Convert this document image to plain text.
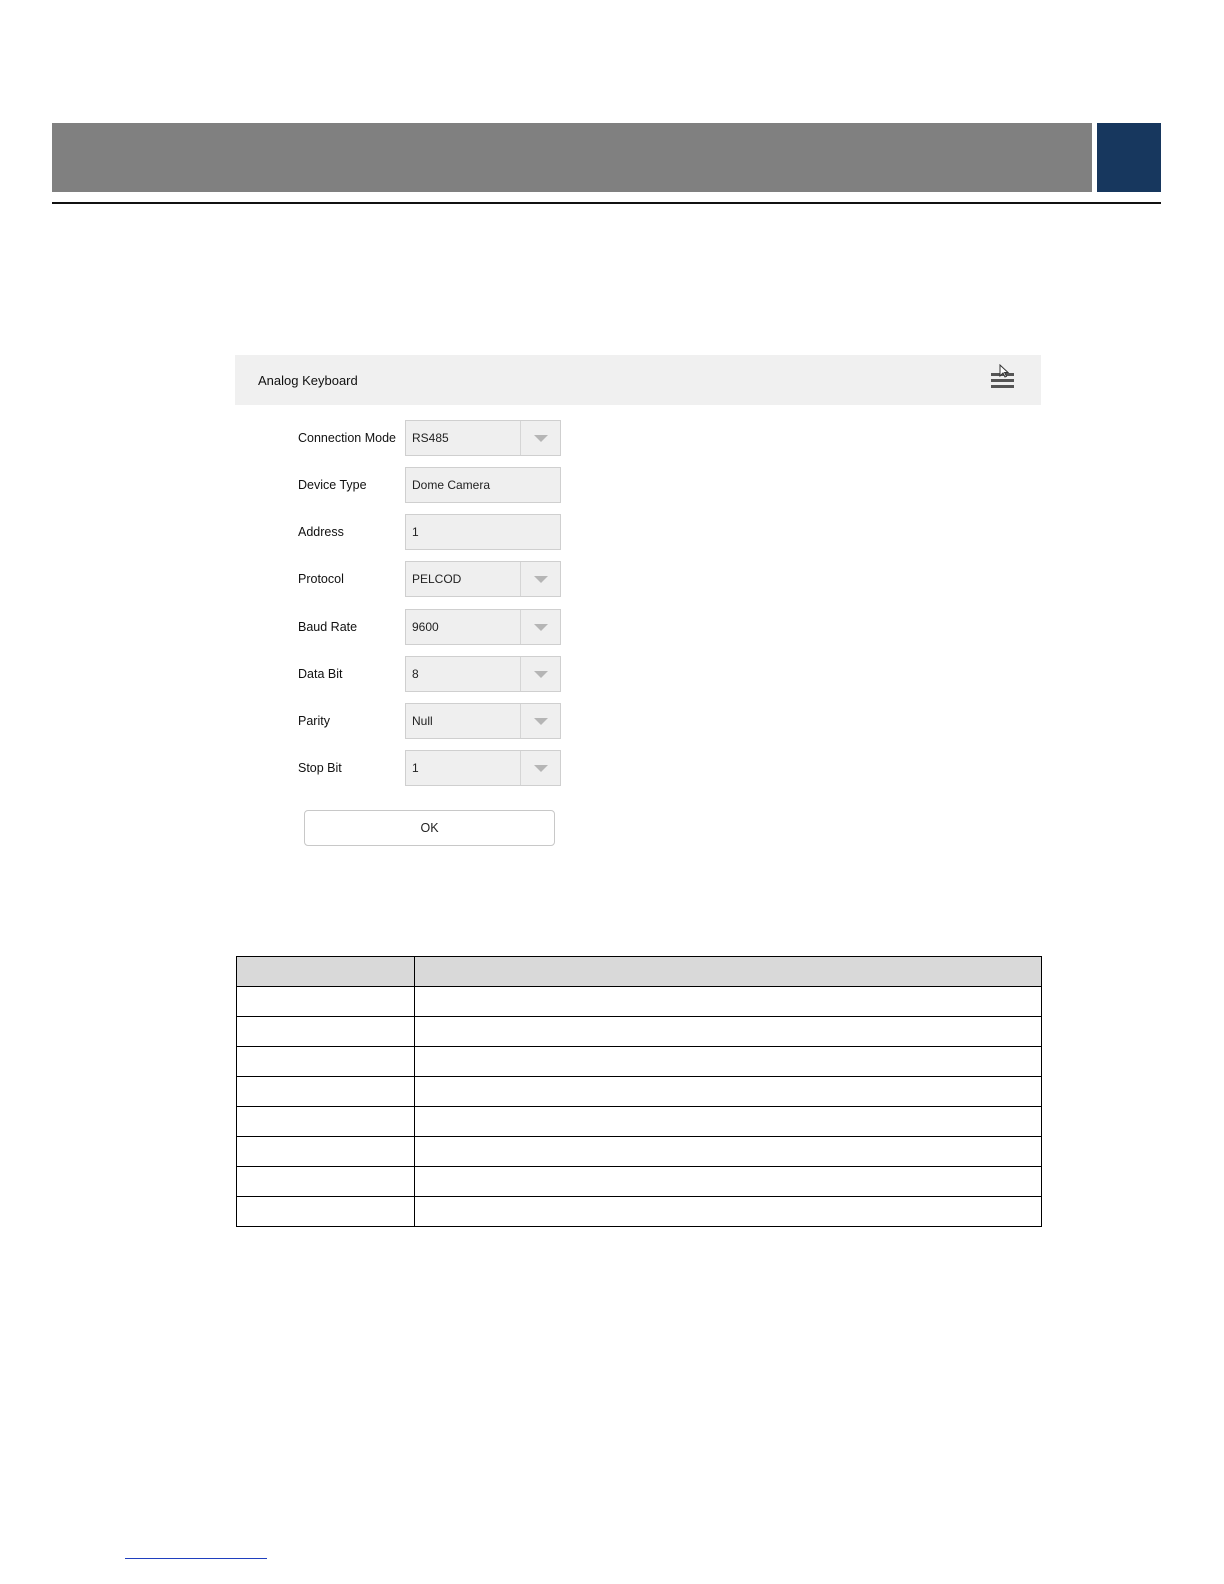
Analog Keyboard
Connection Mode	RS485
Device Type	Dome Camera
Address	1
Protocol	PELCOD
Baud Rate	9600
Data Bit	8
Parity	Null
Stop Bit	1
OK
